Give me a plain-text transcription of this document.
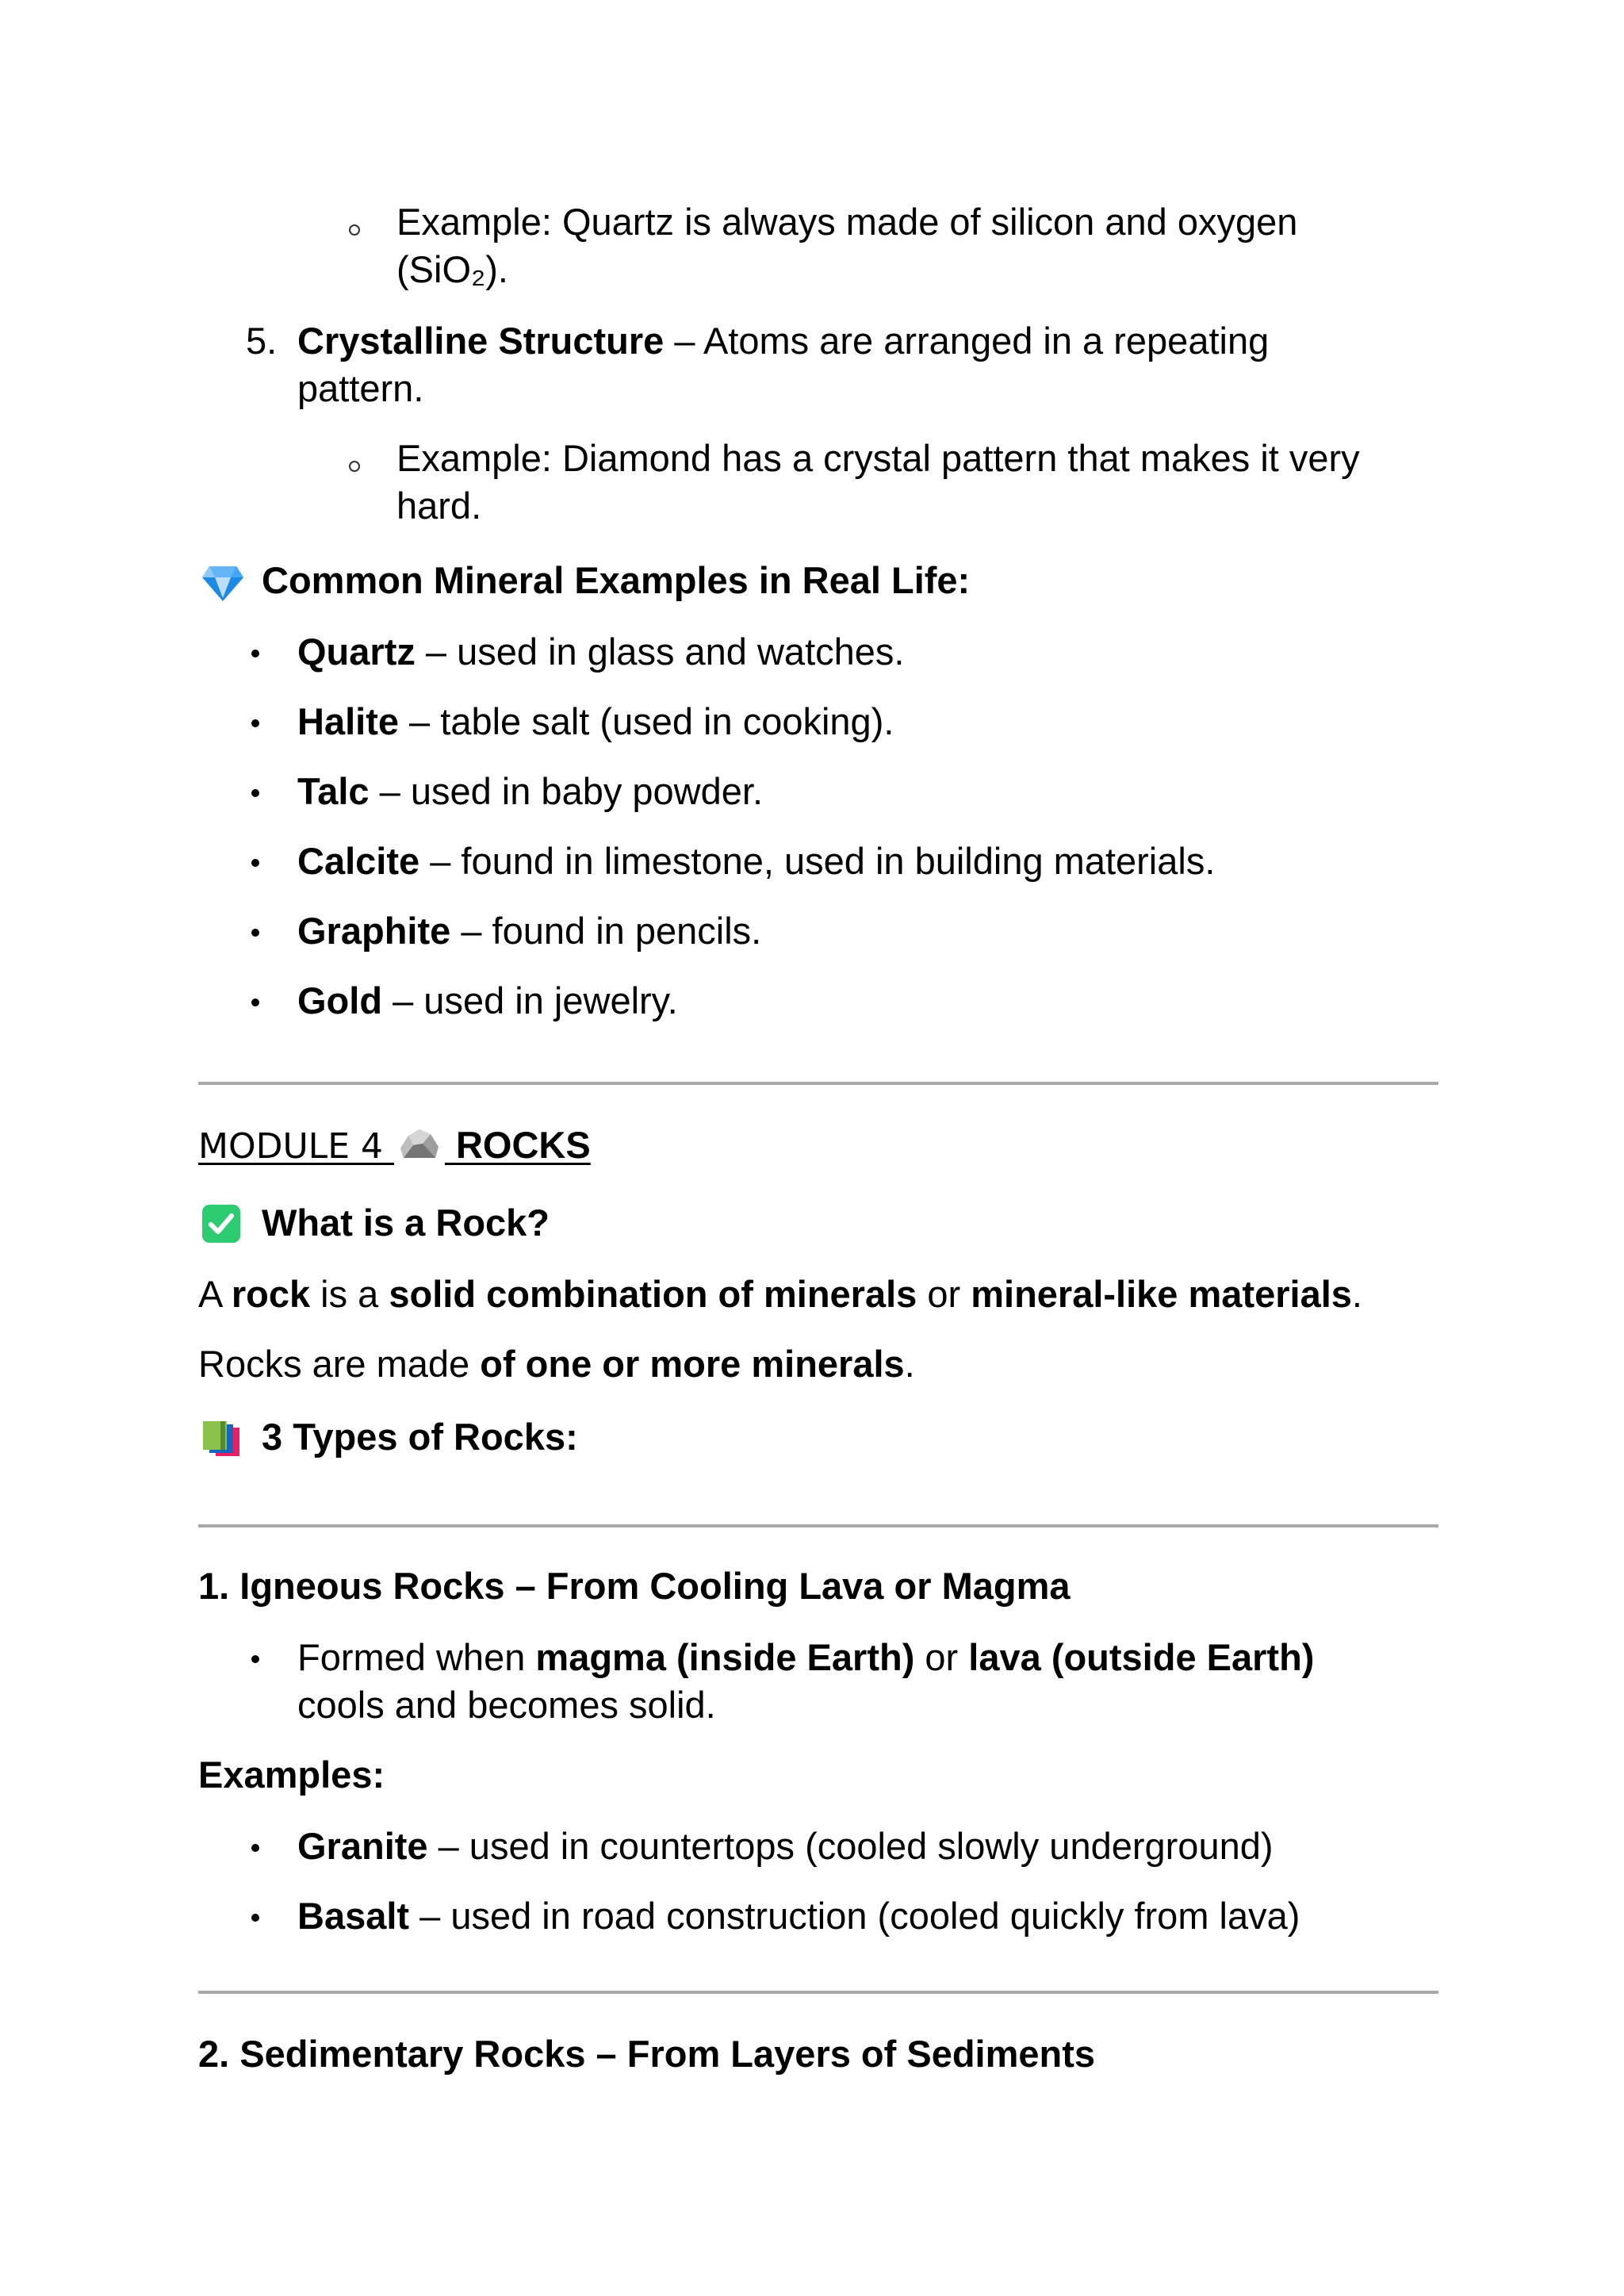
Example: Quartz is always made of silicon and oxygen
(SiO₂).
5. Crystalline Structure – Atoms are arranged in a repeating
pattern.
Example: Diamond has a crystal pattern that makes it very
hard.
Common Mineral Examples in Real Life:
Quartz – used in glass and watches.
Halite – table salt (used in cooking).
Talc – used in baby powder.
Calcite – found in limestone, used in building materials.
Graphite – found in pencils.
Gold – used in jewelry.
MODULE 4 ROCKS
What is a Rock?
A rock is a solid combination of minerals or mineral-like materials.
Rocks are made of one or more minerals.
3 Types of Rocks:
1. Igneous Rocks – From Cooling Lava or Magma
Formed when magma (inside Earth) or lava (outside Earth)
cools and becomes solid.
Examples:
Granite – used in countertops (cooled slowly underground)
Basalt – used in road construction (cooled quickly from lava)
2. Sedimentary Rocks – From Layers of Sediments
